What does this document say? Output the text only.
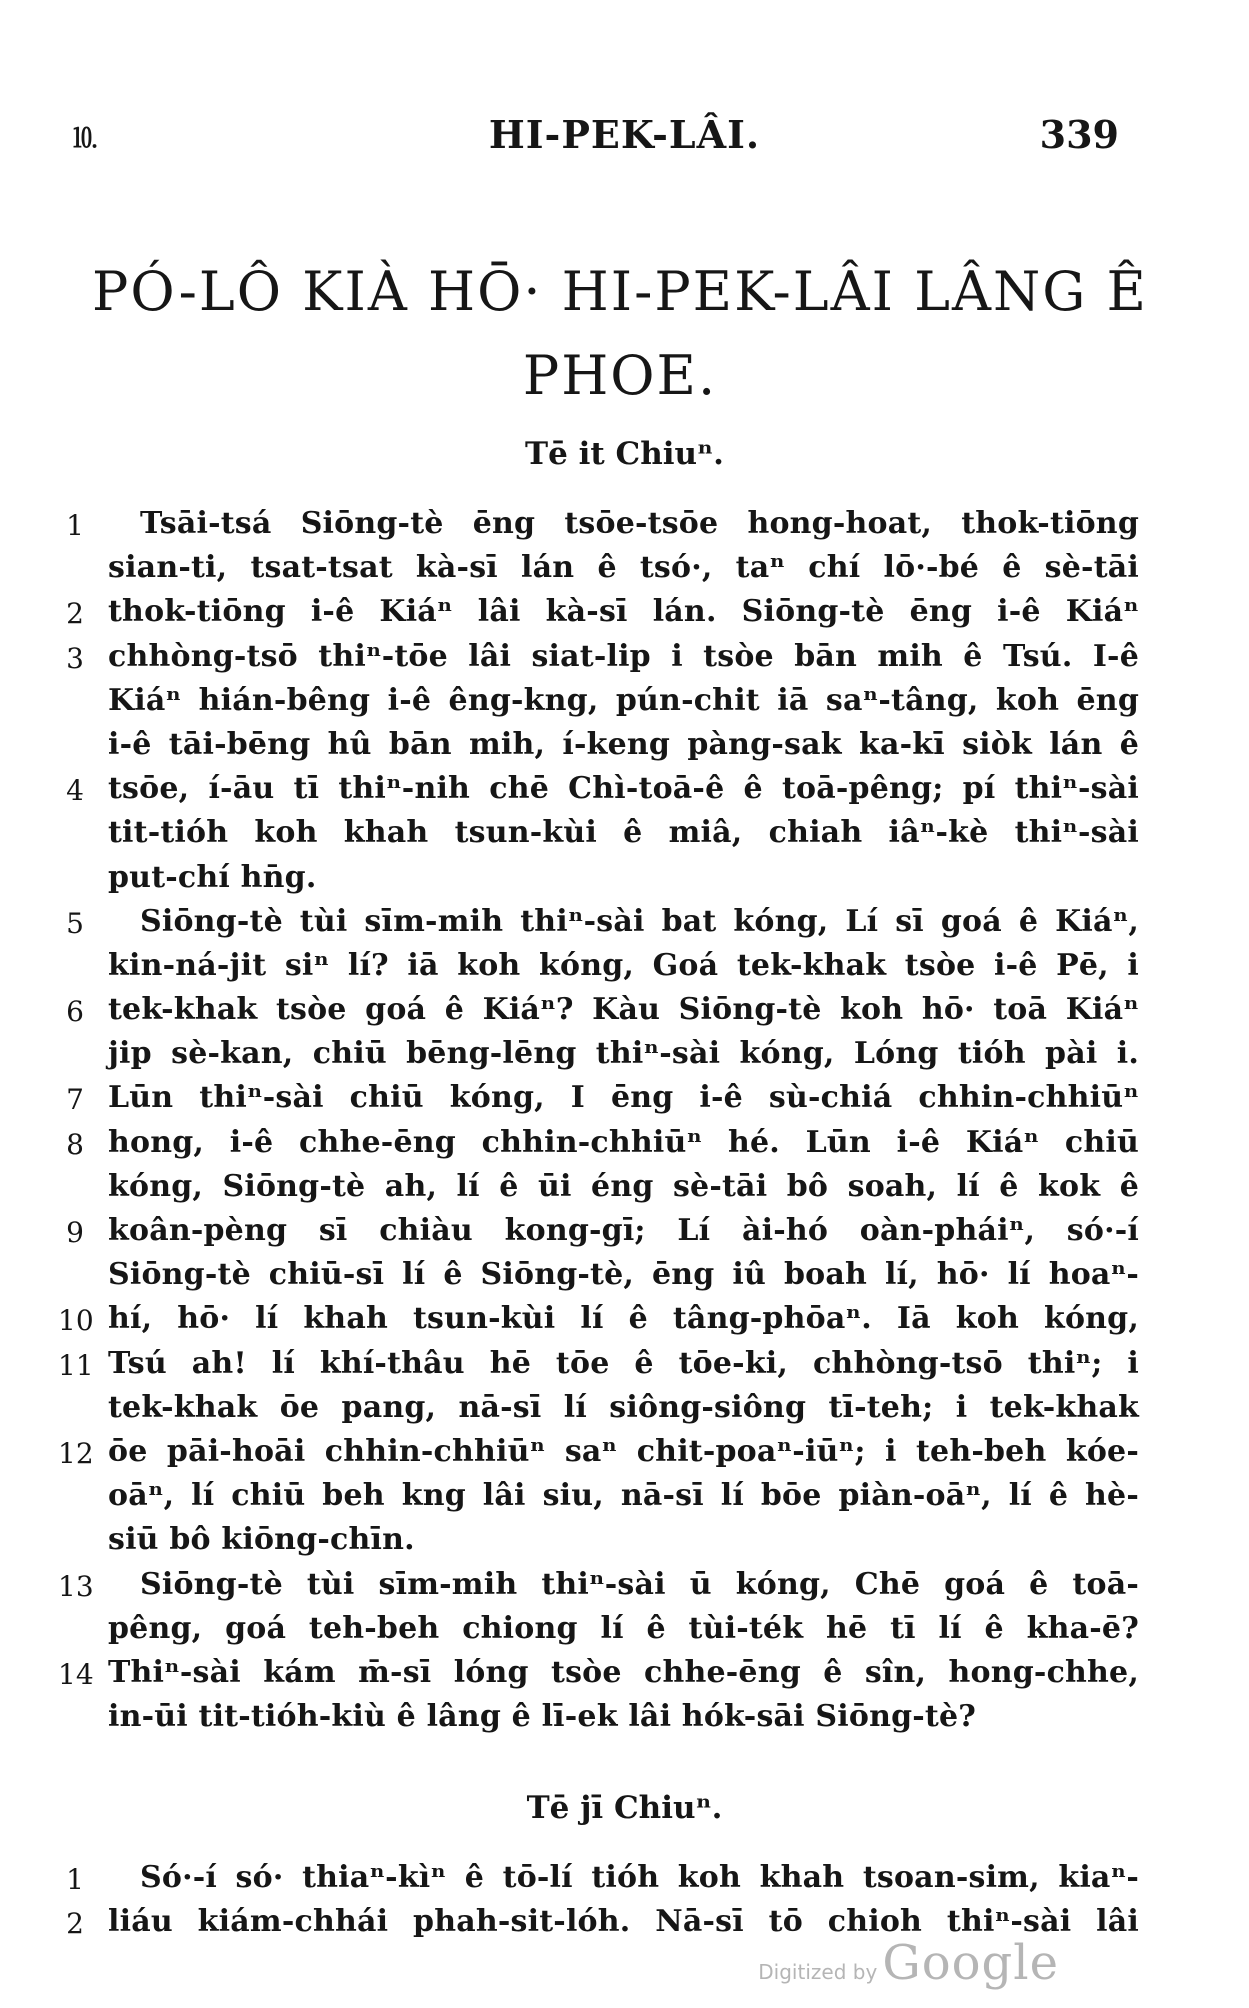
⒑	HI-PEK-LÂI.	339
PÓ-LÔ KIÀ HŌ· HI-PEK-LÂI LÂNG Ê
PHOE.
Tē it Chiuⁿ.
1 Tsāi-tsá Siōng-tè ēng tsōe-tsōe hong-hoat, thok-tiōng
sian-ti, tsat-tsat kà-sī lán ê tsó·, taⁿ chí lō·-bé ê sè-tāi
2 thok-tiōng i-ê Kiáⁿ lâi kà-sī lán. Siōng-tè ēng i-ê Kiáⁿ
3 chhòng-tsō thiⁿ-tōe lâi siat-lip i tsòe bān mih ê Tsú. I-ê
Kiáⁿ hián-bêng i-ê êng-kng, pún-chit iā saⁿ-tâng, koh ēng
i-ê tāi-bēng hû bān mih, í-keng pàng-sak ka-kī siòk lán ê
4 tsōe, í-āu tī thiⁿ-nih chē Chì-toā-ê ê toā-pêng; pí thiⁿ-sài
tit-tióh koh khah tsun-kùi ê miâ, chiah iâⁿ-kè thiⁿ-sài
put-chí hn̄g.
5 Siōng-tè tùi sīm-mih thiⁿ-sài bat kóng, Lí sī goá ê Kiáⁿ,
kin-ná-jit siⁿ lí? iā koh kóng, Goá tek-khak tsòe i-ê Pē, i
6 tek-khak tsòe goá ê Kiáⁿ? Kàu Siōng-tè koh hō· toā Kiáⁿ
jip sè-kan, chiū bēng-lēng thiⁿ-sài kóng, Lóng tióh pài i.
7 Lūn thiⁿ-sài chiū kóng, I ēng i-ê sù-chiá chhin-chhiūⁿ
8 hong, i-ê chhe-ēng chhin-chhiūⁿ hé. Lūn i-ê Kiáⁿ chiū
kóng, Siōng-tè ah, lí ê ūi éng sè-tāi bô soah, lí ê kok ê
9 koân-pèng sī chiàu kong-gī; Lí ài-hó oàn-pháiⁿ, só·-í
Siōng-tè chiū-sī lí ê Siōng-tè, ēng iû boah lí, hō· lí hoaⁿ-
10 hí, hō· lí khah tsun-kùi lí ê tâng-phōaⁿ. Iā koh kóng,
11 Tsú ah! lí khí-thâu hē tōe ê tōe-ki, chhòng-tsō thiⁿ; i
tek-khak ōe pang, nā-sī lí siông-siông tī-teh; i tek-khak
12 ōe pāi-hoāi chhin-chhiūⁿ saⁿ chit-poaⁿ-iūⁿ; i teh-beh kóe-
oāⁿ, lí chiū beh kng lâi siu, nā-sī lí bōe piàn-oāⁿ, lí ê hè-
siū bô kiōng-chīn.
13 Siōng-tè tùi sīm-mih thiⁿ-sài ū kóng, Chē goá ê toā-
pêng, goá teh-beh chiong lí ê tùi-ték hē tī lí ê kha-ē?
14 Thiⁿ-sài kám m̄-sī lóng tsòe chhe-ēng ê sîn, hong-chhe,
in-ūi tit-tióh-kiù ê lâng ê lī-ek lâi hók-sāi Siōng-tè?
Tē jī Chiuⁿ.
1 Só·-í só· thiaⁿ-kìⁿ ê tō-lí tióh koh khah tsoan-sim, kiaⁿ-
2 liáu kiám-chhái phah-sit-lóh. Nā-sī tō chioh thiⁿ-sài lâi
Digitized by Google
